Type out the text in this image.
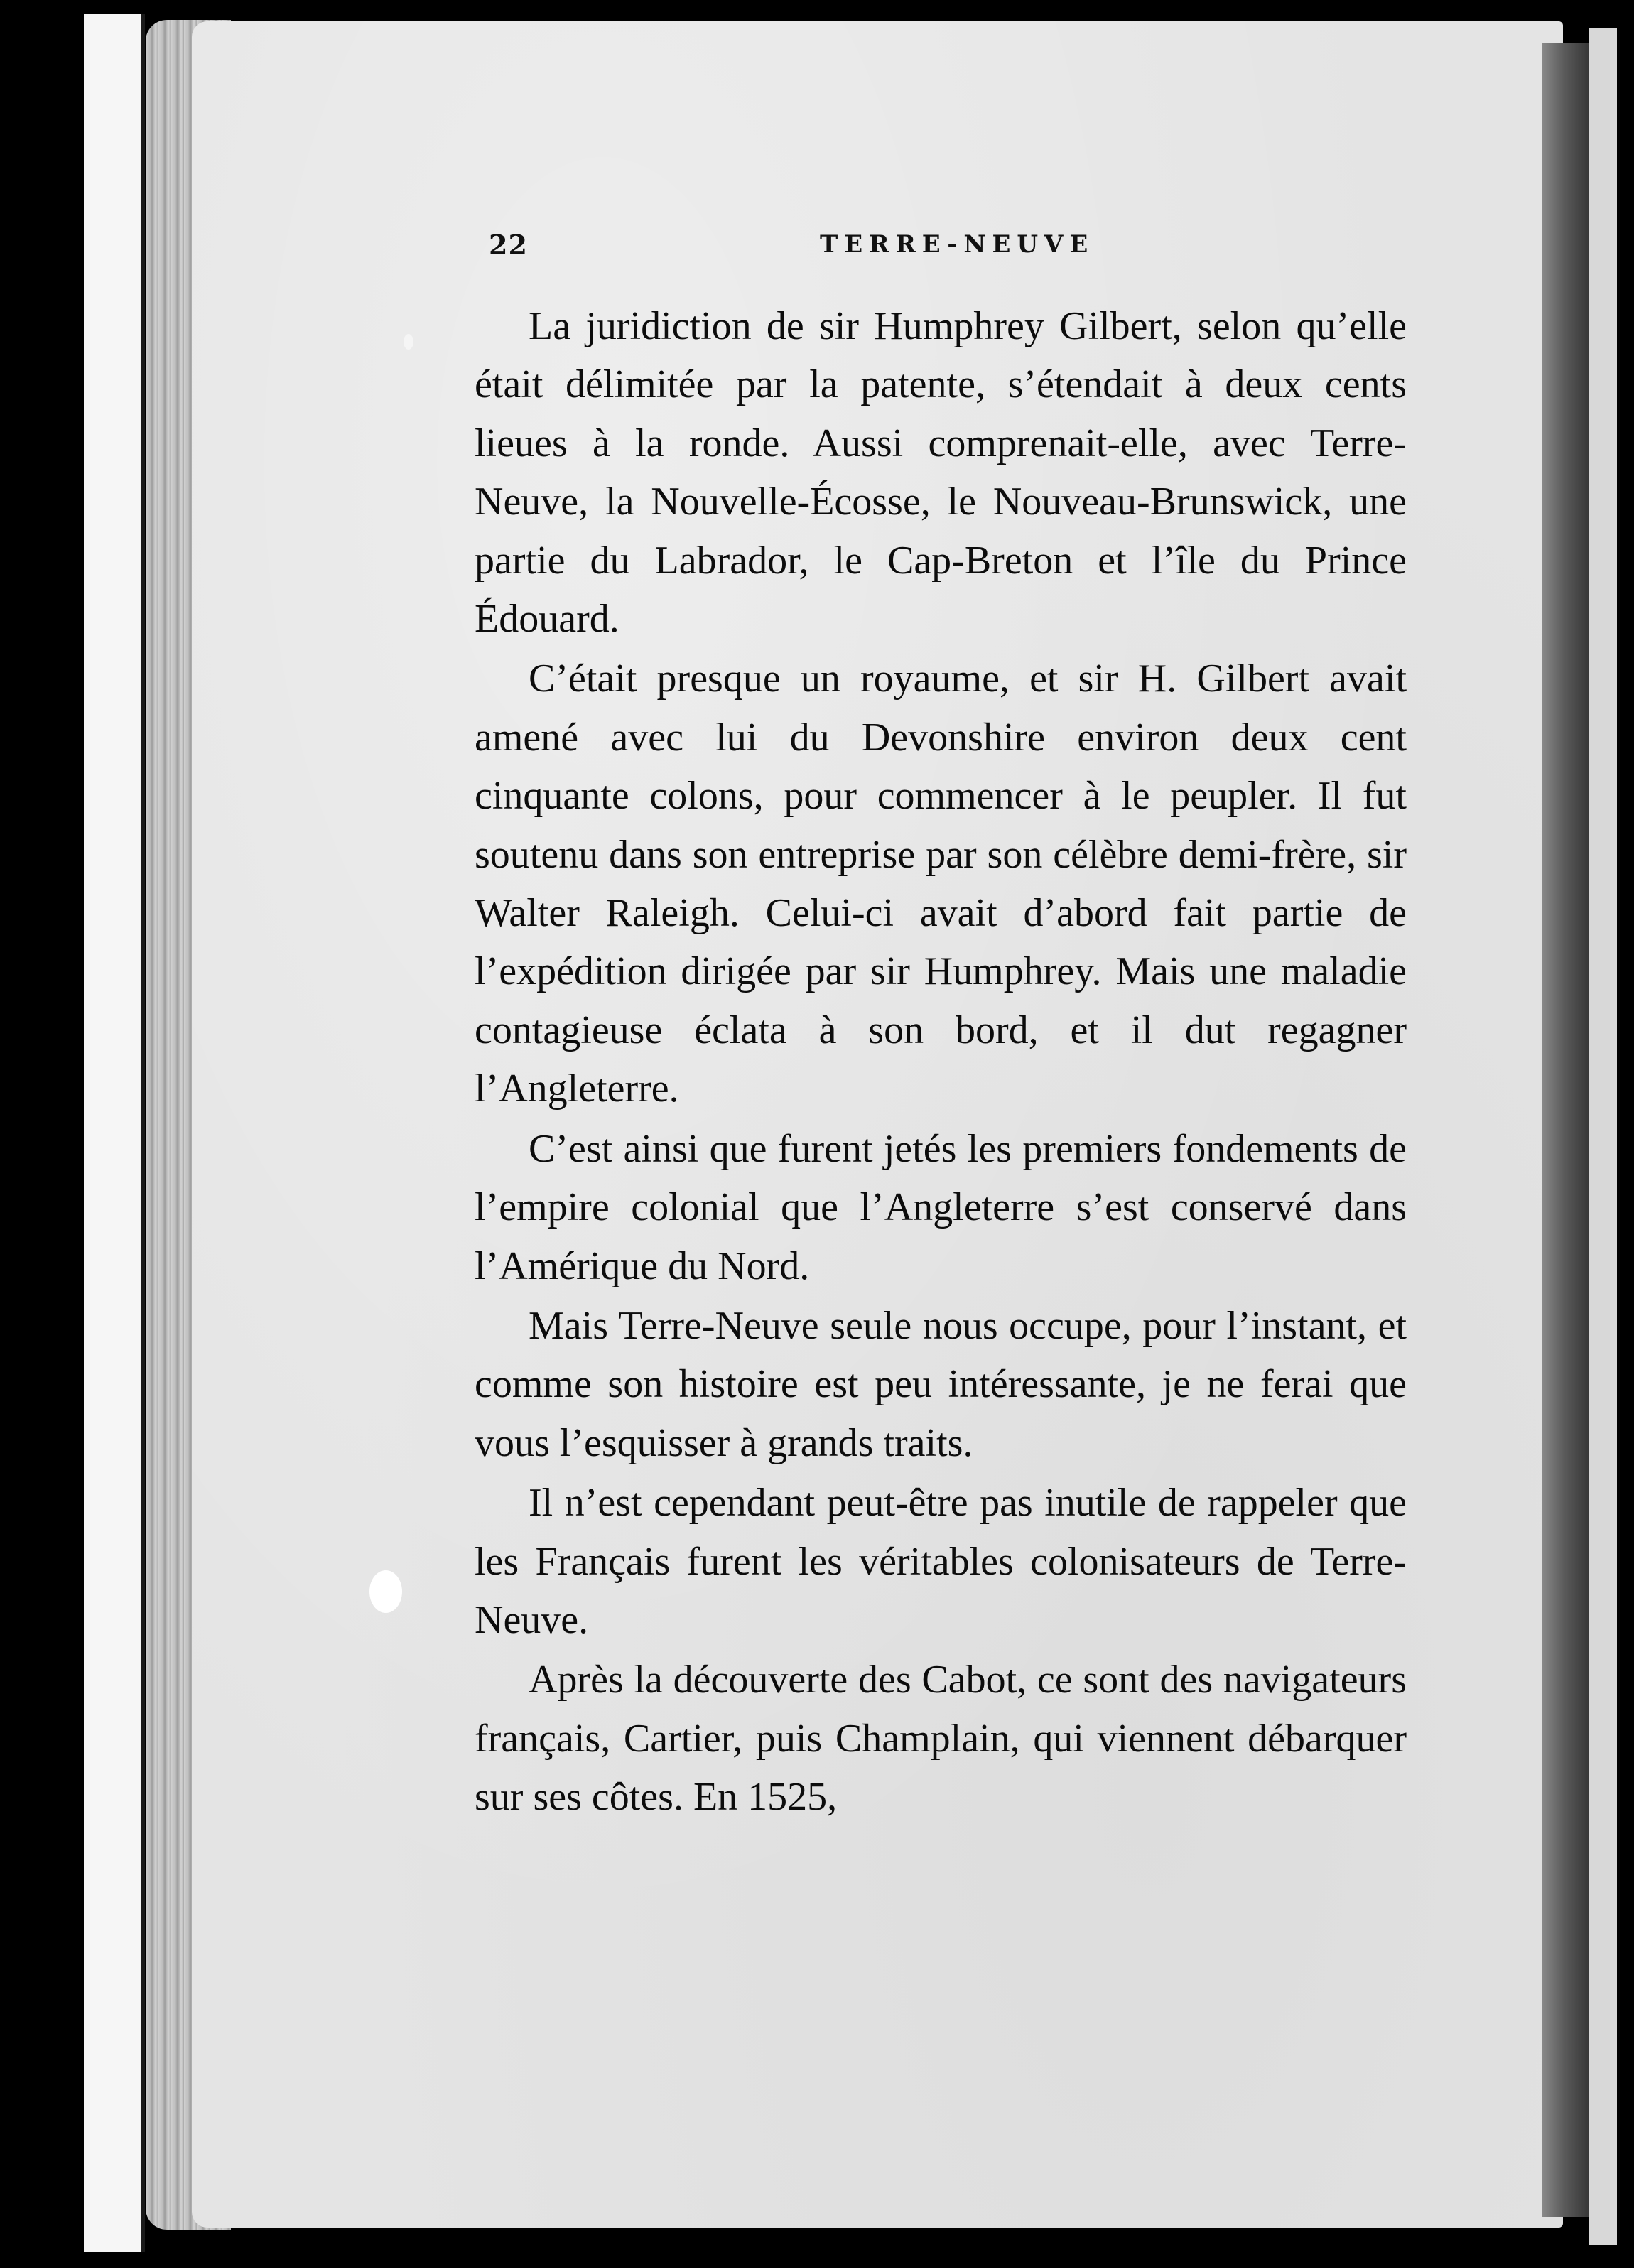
22	TERRE-NEUVE

La juridiction de sir Humphrey Gilbert, selon qu’elle était délimitée par la patente, s’étendait à deux cents lieues à la ronde. Aussi comprenait-elle, avec Terre-Neuve, la Nouvelle-Écosse, le Nouveau-Brunswick, une partie du Labrador, le Cap-Breton et l’île du Prince Édouard.

C’était presque un royaume, et sir H. Gilbert avait amené avec lui du Devonshire environ deux cent cinquante colons, pour commencer à le peupler. Il fut soutenu dans son entreprise par son célèbre demi-frère, sir Walter Raleigh. Celui-ci avait d’abord fait partie de l’expédition dirigée par sir Humphrey. Mais une maladie contagieuse éclata à son bord, et il dut regagner l’Angleterre.

C’est ainsi que furent jetés les premiers fondements de l’empire colonial que l’Angleterre s’est conservé dans l’Amérique du Nord.

Mais Terre-Neuve seule nous occupe, pour l’instant, et comme son histoire est peu intéressante, je ne ferai que vous l’esquisser à grands traits.

Il n’est cependant peut-être pas inutile de rappeler que les Français furent les véritables colonisateurs de Terre-Neuve.

Après la découverte des Cabot, ce sont des navigateurs français, Cartier, puis Champlain, qui viennent débarquer sur ses côtes. En 1525,
